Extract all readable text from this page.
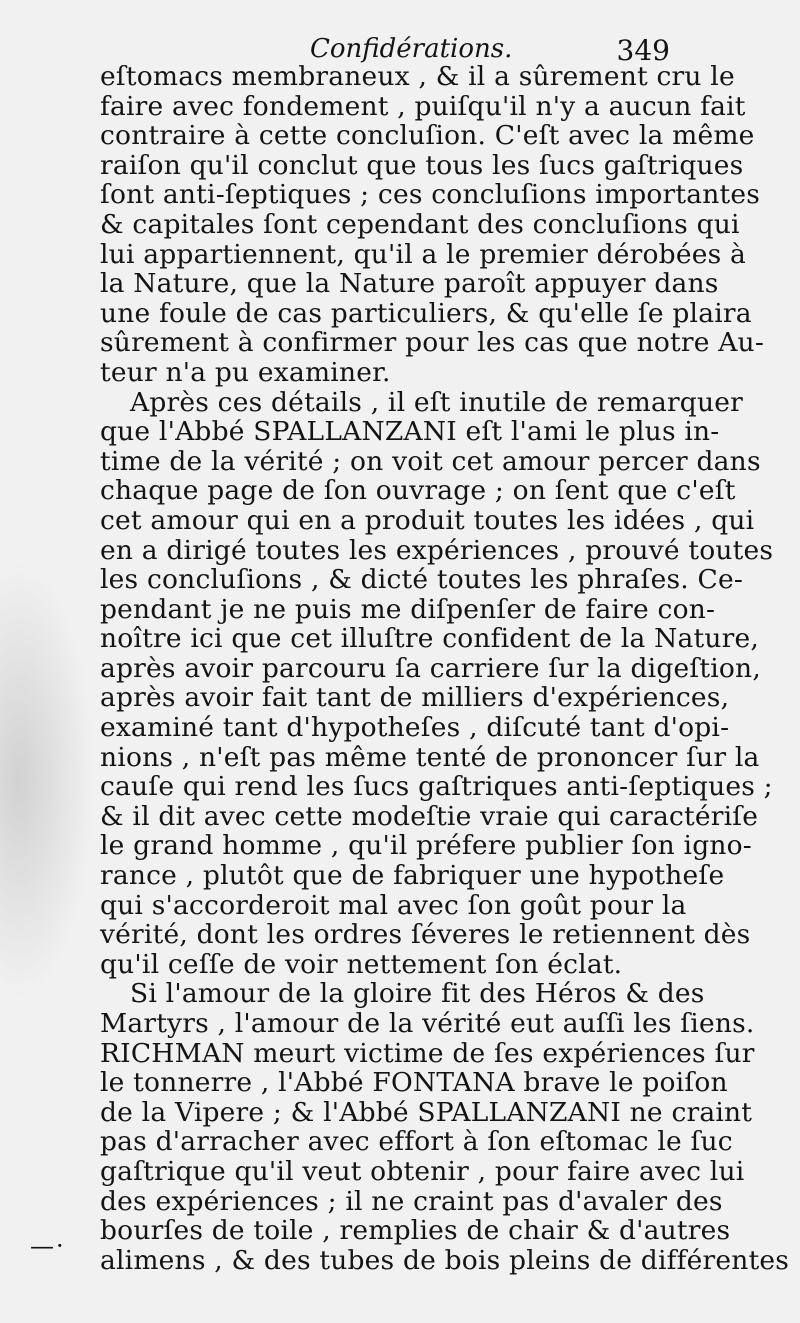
Confidérations.	349
eſtomacs membraneux , & il a sûrement cru le
faire avec fondement , puiſqu'il n'y a aucun fait
contraire à cette concluſion. C'eſt avec la même
raiſon qu'il conclut que tous les ſucs gaſtriques
ſont anti-ſeptiques ; ces concluſions importantes
& capitales ſont cependant des concluſions qui
lui appartiennent, qu'il a le premier dérobées à
la Nature, que la Nature paroît appuyer dans
une foule de cas particuliers, & qu'elle ſe plaira
sûrement à confirmer pour les cas que notre Au-
teur n'a pu examiner.
Après ces détails , il eſt inutile de remarquer
que l'Abbé SPALLANZANI eſt l'ami le plus in-
time de la vérité ; on voit cet amour percer dans
chaque page de ſon ouvrage ; on ſent que c'eſt
cet amour qui en a produit toutes les idées , qui
en a dirigé toutes les expériences , prouvé toutes
les concluſions , & dicté toutes les phraſes. Ce-
pendant je ne puis me diſpenſer de faire con-
noître ici que cet illuſtre confident de la Nature,
après avoir parcouru ſa carriere ſur la digeſtion,
après avoir fait tant de milliers d'expériences,
examiné tant d'hypotheſes , diſcuté tant d'opi-
nions , n'eſt pas même tenté de prononcer ſur la
cauſe qui rend les ſucs gaſtriques anti-ſeptiques ;
& il dit avec cette modeſtie vraie qui caractériſe
le grand homme , qu'il préfere publier ſon igno-
rance , plutôt que de fabriquer une hypotheſe
qui s'accorderoit mal avec ſon goût pour la
vérité, dont les ordres ſéveres le retiennent dès
qu'il ceſſe de voir nettement ſon éclat.
Si l'amour de la gloire fit des Héros & des
Martyrs , l'amour de la vérité eut auſſi les ſiens.
RICHMAN meurt victime de ſes expériences ſur
le tonnerre , l'Abbé FONTANA brave le poiſon
de la Vipere ; & l'Abbé SPALLANZANI ne craint
pas d'arracher avec effort à ſon eſtomac le ſuc
gaſtrique qu'il veut obtenir , pour faire avec lui
des expériences ; il ne craint pas d'avaler des
bourſes de toile , remplies de chair & d'autres
alimens , & des tubes de bois pleins de différentes
—·
